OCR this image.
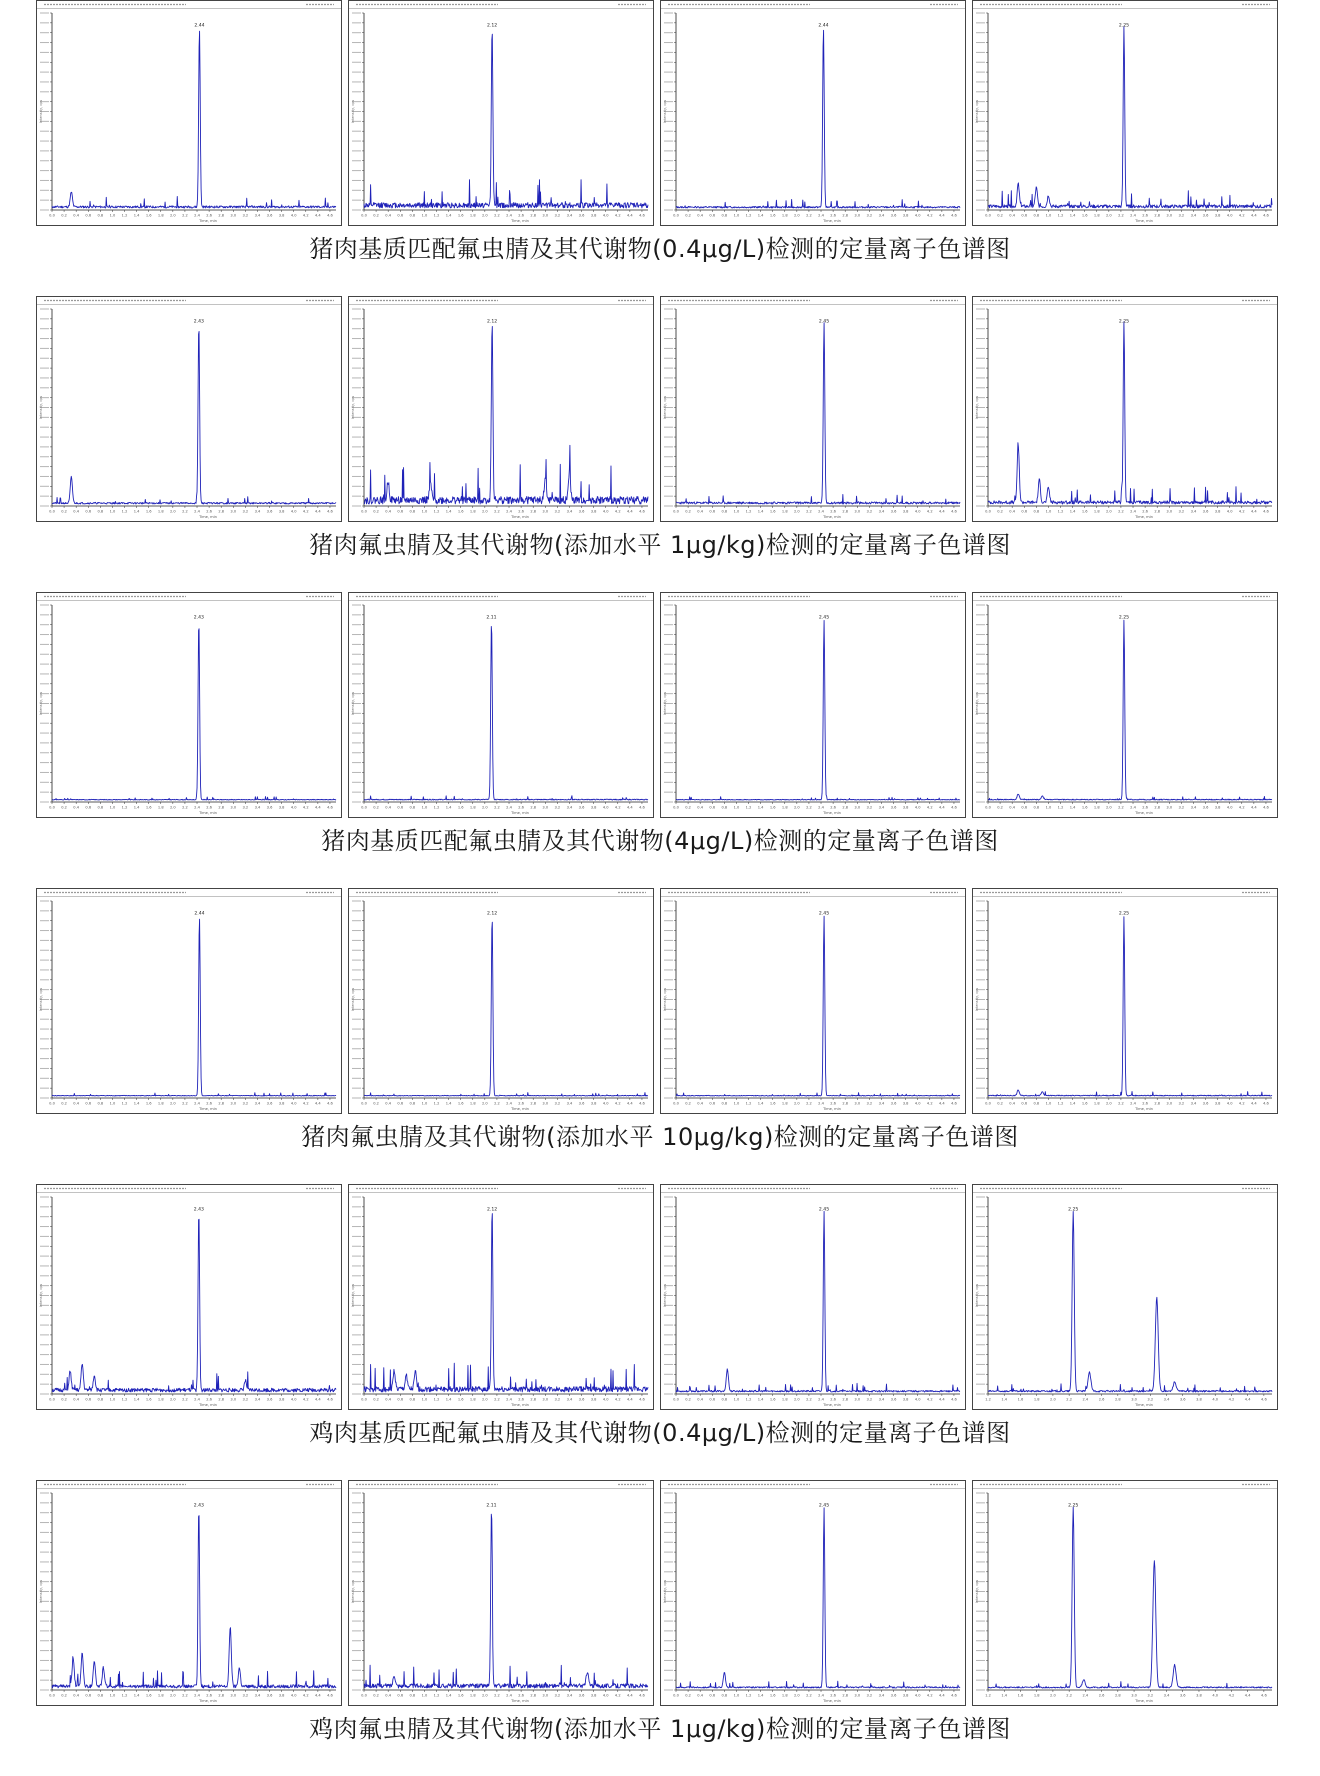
Intensity, cps
0.0 0.2 0.4 0.6 0.8 1.0 1.2 1.4 1.6 1.8 2.0 2.2 2.4 2.6 2.8 3.0 3.2 3.4 3.6 3.8 4.0 4.2 4.4 4.6
Time, min
2.44
Intensity, cps
0.0 0.2 0.4 0.6 0.8 1.0 1.2 1.4 1.6 1.8 2.0 2.2 2.4 2.6 2.8 3.0 3.2 3.4 3.6 3.8 4.0 4.2 4.4 4.6
Time, min
2.12
Intensity, cps
0.0 0.2 0.4 0.6 0.8 1.0 1.2 1.4 1.6 1.8 2.0 2.2 2.4 2.6 2.8 3.0 3.2 3.4 3.6 3.8 4.0 4.2 4.4 4.6
Time, min
2.44
Intensity, cps
0.0 0.2 0.4 0.6 0.8 1.0 1.2 1.4 1.6 1.8 2.0 2.2 2.4 2.6 2.8 3.0 3.2 3.4 3.6 3.8 4.0 4.2 4.4 4.6
Time, min
2.25
猪肉基质匹配氟虫腈及其代谢物(0.4μg/L)检测的定量离子色谱图
Intensity, cps
0.0 0.2 0.4 0.6 0.8 1.0 1.2 1.4 1.6 1.8 2.0 2.2 2.4 2.6 2.8 3.0 3.2 3.4 3.6 3.8 4.0 4.2 4.4 4.6
Time, min
2.43
Intensity, cps
0.0 0.2 0.4 0.6 0.8 1.0 1.2 1.4 1.6 1.8 2.0 2.2 2.4 2.6 2.8 3.0 3.2 3.4 3.6 3.8 4.0 4.2 4.4 4.6
Time, min
2.12
Intensity, cps
0.0 0.2 0.4 0.6 0.8 1.0 1.2 1.4 1.6 1.8 2.0 2.2 2.4 2.6 2.8 3.0 3.2 3.4 3.6 3.8 4.0 4.2 4.4 4.6
Time, min
2.45
Intensity, cps
0.0 0.2 0.4 0.6 0.8 1.0 1.2 1.4 1.6 1.8 2.0 2.2 2.4 2.6 2.8 3.0 3.2 3.4 3.6 3.8 4.0 4.2 4.4 4.6
Time, min
2.25
猪肉氟虫腈及其代谢物(添加水平 1μg/kg)检测的定量离子色谱图
Intensity, cps
0.0 0.2 0.4 0.6 0.8 1.0 1.2 1.4 1.6 1.8 2.0 2.2 2.4 2.6 2.8 3.0 3.2 3.4 3.6 3.8 4.0 4.2 4.4 4.6
Time, min
2.43
Intensity, cps
0.0 0.2 0.4 0.6 0.8 1.0 1.2 1.4 1.6 1.8 2.0 2.2 2.4 2.6 2.8 3.0 3.2 3.4 3.6 3.8 4.0 4.2 4.4 4.6
Time, min
2.11
Intensity, cps
0.0 0.2 0.4 0.6 0.8 1.0 1.2 1.4 1.6 1.8 2.0 2.2 2.4 2.6 2.8 3.0 3.2 3.4 3.6 3.8 4.0 4.2 4.4 4.6
Time, min
2.45
Intensity, cps
0.0 0.2 0.4 0.6 0.8 1.0 1.2 1.4 1.6 1.8 2.0 2.2 2.4 2.6 2.8 3.0 3.2 3.4 3.6 3.8 4.0 4.2 4.4 4.6
Time, min
2.25
猪肉基质匹配氟虫腈及其代谢物(4μg/L)检测的定量离子色谱图
Intensity, cps
0.0 0.2 0.4 0.6 0.8 1.0 1.2 1.4 1.6 1.8 2.0 2.2 2.4 2.6 2.8 3.0 3.2 3.4 3.6 3.8 4.0 4.2 4.4 4.6
Time, min
2.44
Intensity, cps
0.0 0.2 0.4 0.6 0.8 1.0 1.2 1.4 1.6 1.8 2.0 2.2 2.4 2.6 2.8 3.0 3.2 3.4 3.6 3.8 4.0 4.2 4.4 4.6
Time, min
2.12
Intensity, cps
0.0 0.2 0.4 0.6 0.8 1.0 1.2 1.4 1.6 1.8 2.0 2.2 2.4 2.6 2.8 3.0 3.2 3.4 3.6 3.8 4.0 4.2 4.4 4.6
Time, min
2.45
Intensity, cps
0.0 0.2 0.4 0.6 0.8 1.0 1.2 1.4 1.6 1.8 2.0 2.2 2.4 2.6 2.8 3.0 3.2 3.4 3.6 3.8 4.0 4.2 4.4 4.6
Time, min
2.25
猪肉氟虫腈及其代谢物(添加水平 10μg/kg)检测的定量离子色谱图
Intensity, cps
0.0 0.2 0.4 0.6 0.8 1.0 1.2 1.4 1.6 1.8 2.0 2.2 2.4 2.6 2.8 3.0 3.2 3.4 3.6 3.8 4.0 4.2 4.4 4.6
Time, min
2.43
Intensity, cps
0.0 0.2 0.4 0.6 0.8 1.0 1.2 1.4 1.6 1.8 2.0 2.2 2.4 2.6 2.8 3.0 3.2 3.4 3.6 3.8 4.0 4.2 4.4 4.6
Time, min
2.12
Intensity, cps
0.0 0.2 0.4 0.6 0.8 1.0 1.2 1.4 1.6 1.8 2.0 2.2 2.4 2.6 2.8 3.0 3.2 3.4 3.6 3.8 4.0 4.2 4.4 4.6
Time, min
2.45
Intensity, cps
1.2	1.4	1.6	1.8	2.0	2.2	2.4	2.6	2.8	3.0	3.2	3.4	3.6	3.8	4.0	4.2	4.4	4.6
Time, min
2.25
鸡肉基质匹配氟虫腈及其代谢物(0.4μg/L)检测的定量离子色谱图
Intensity, cps
0.0 0.2 0.4 0.6 0.8 1.0 1.2 1.4 1.6 1.8 2.0 2.2 2.4 2.6 2.8 3.0 3.2 3.4 3.6 3.8 4.0 4.2 4.4 4.6
Time, min
2.43
Intensity, cps
0.0 0.2 0.4 0.6 0.8 1.0 1.2 1.4 1.6 1.8 2.0 2.2 2.4 2.6 2.8 3.0 3.2 3.4 3.6 3.8 4.0 4.2 4.4 4.6
Time, min
2.11
Intensity, cps
0.0 0.2 0.4 0.6 0.8 1.0 1.2 1.4 1.6 1.8 2.0 2.2 2.4 2.6 2.8 3.0 3.2 3.4 3.6 3.8 4.0 4.2 4.4 4.6
Time, min
2.45
Intensity, cps
1.2	1.4	1.6	1.8	2.0	2.2	2.4	2.6	2.8	3.0	3.2	3.4	3.6	3.8	4.0	4.2	4.4	4.6
Time, min
2.25
鸡肉氟虫腈及其代谢物(添加水平 1μg/kg)检测的定量离子色谱图
